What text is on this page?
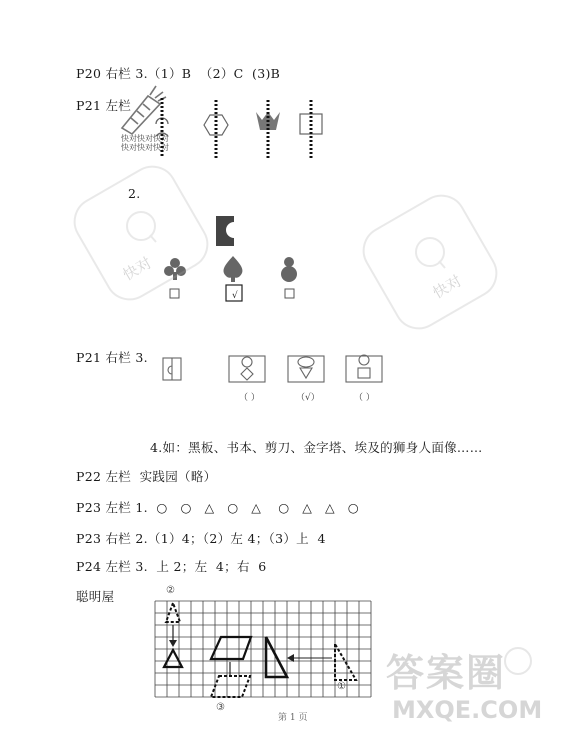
P20 右栏 3.（1）B  （2）C  (3)B
P21 左栏
2.
P21 右栏 3.
4.如：黑板、书本、剪刀、金字塔、埃及的狮身人面像……
P22 左栏  实践园（略）
P23 左栏 1.  ○   ○   △   ○   △    ○   △   △   ○
P23 右栏 2.（1）4；（2）左 4；（3）上  4
P24 左栏 3.  上 2；左  4；右  6
聪明屋
快对快对快对
快对快对快对
（ ）	（√）	（ ）
√
②
①
③
第 1 页
快对
快对
答案圈
MXQE.COM
